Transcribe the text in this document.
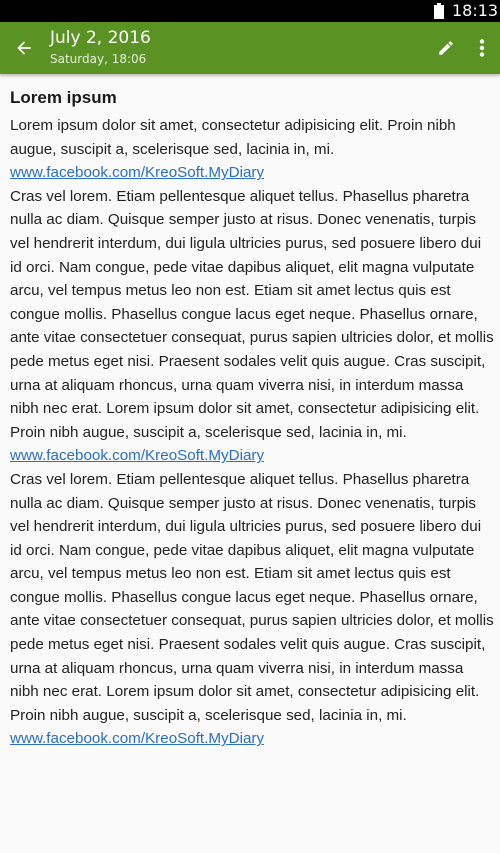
18:13
July 2, 2016
Saturday, 18:06
Lorem ipsum

Lorem ipsum dolor sit amet, consectetur adipisicing elit. Proin nibh augue, suscipit a, scelerisque sed, lacinia in, mi.

www.facebook.com/KreoSoft.MyDiary

Cras vel lorem. Etiam pellentesque aliquet tellus. Phasellus pharetra nulla ac diam. Quisque semper justo at risus. Donec venenatis, turpis vel hendrerit interdum, dui ligula ultricies purus, sed posuere libero dui id orci. Nam congue, pede vitae dapibus aliquet, elit magna vulputate arcu, vel tempus metus leo non est. Etiam sit amet lectus quis est congue mollis. Phasellus congue lacus eget neque. Phasellus ornare, ante vitae consectetuer consequat, purus sapien ultricies dolor, et mollis pede metus eget nisi. Praesent sodales velit quis augue. Cras suscipit, urna at aliquam rhoncus, urna quam viverra nisi, in interdum massa nibh nec erat. Lorem ipsum dolor sit amet, consectetur adipisicing elit. Proin nibh augue, suscipit a, scelerisque sed, lacinia in, mi.

www.facebook.com/KreoSoft.MyDiary

Cras vel lorem. Etiam pellentesque aliquet tellus. Phasellus pharetra nulla ac diam. Quisque semper justo at risus. Donec venenatis, turpis vel hendrerit interdum, dui ligula ultricies purus, sed posuere libero dui id orci. Nam congue, pede vitae dapibus aliquet, elit magna vulputate arcu, vel tempus metus leo non est. Etiam sit amet lectus quis est congue mollis. Phasellus congue lacus eget neque. Phasellus ornare, ante vitae consectetuer consequat, purus sapien ultricies dolor, et mollis pede metus eget nisi. Praesent sodales velit quis augue. Cras suscipit, urna at aliquam rhoncus, urna quam viverra nisi, in interdum massa nibh nec erat. Lorem ipsum dolor sit amet, consectetur adipisicing elit. Proin nibh augue, suscipit a, scelerisque sed, lacinia in, mi.

www.facebook.com/KreoSoft.MyDiary
